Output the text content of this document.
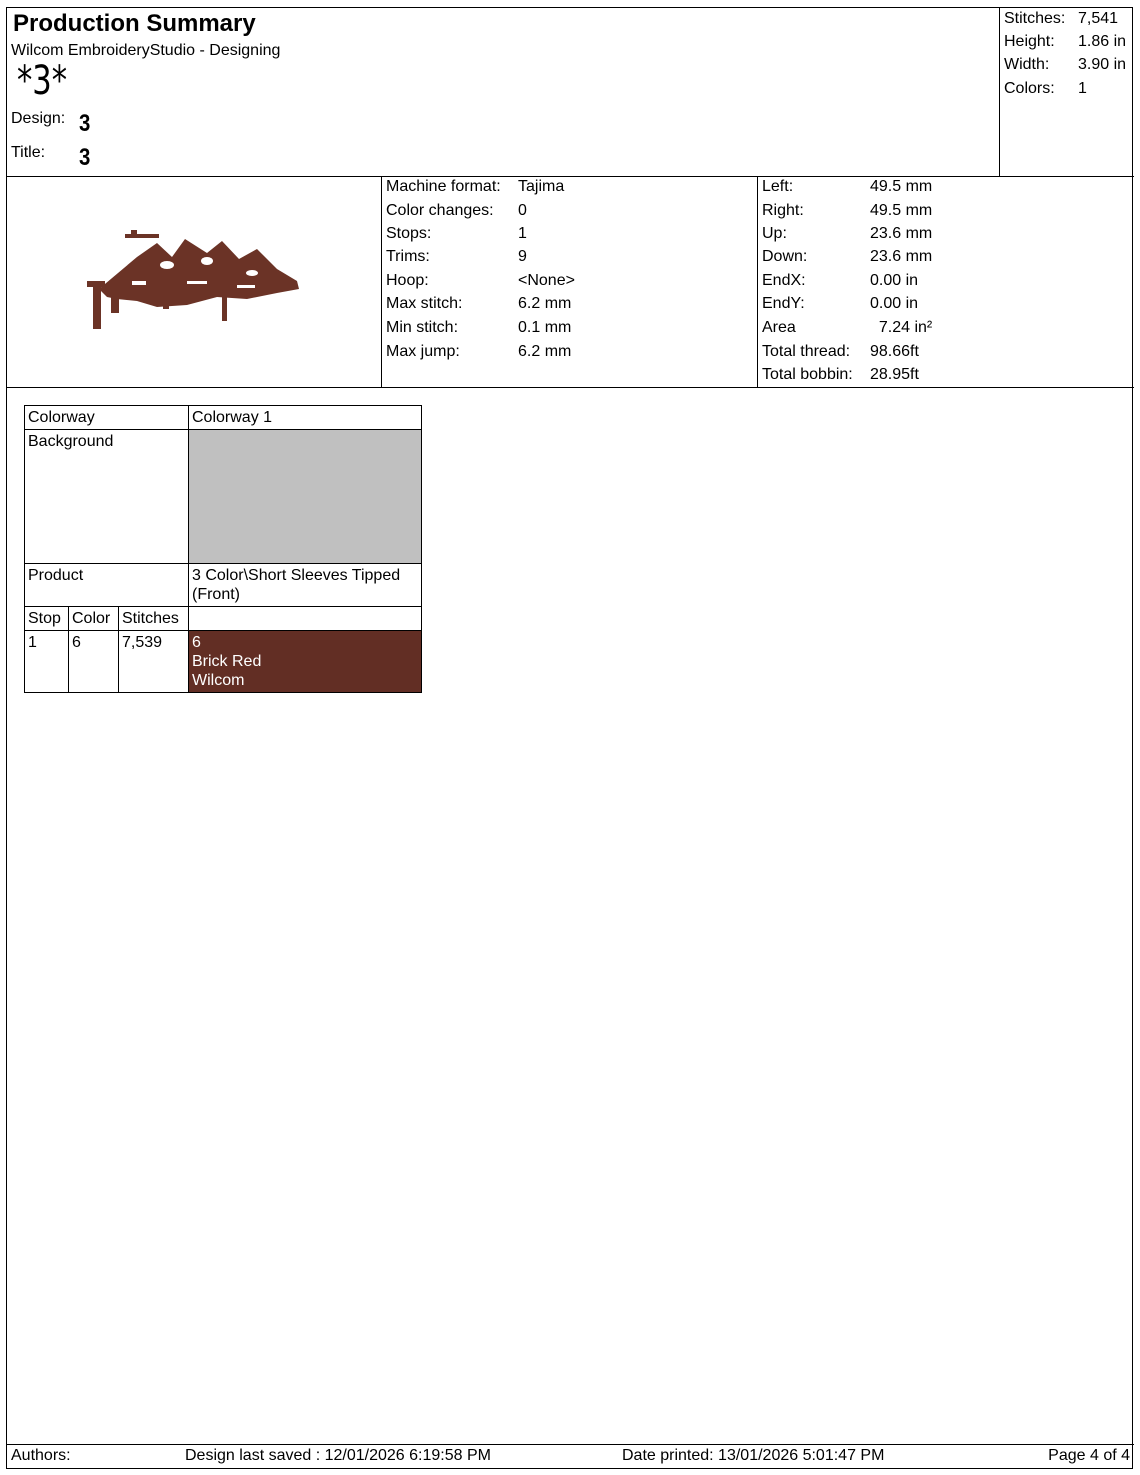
Production Summary
Wilcom EmbroideryStudio - Designing
*3*
Design: 3
Title: 3
Stitches: 7,541
Height: 1.86 in
Width: 3.90 in
Colors: 1
Machine format: Tajima
Color changes: 0
Stops:	1
Trims:	9
Hoop:	<None>
Max stitch:	6.2 mm
Min stitch:	0.1 mm
Max jump:	6.2 mm
Left:	49.5 mm
Right:	49.5 mm
Up:	23.6 mm
Down:	23.6 mm
EndX:	0.00 in
EndY:	0.00 in
Area	7.24 in²
Total thread: 98.66ft
Total bobbin: 28.95ft
Colorway			Colorway 1
Background			
Product			3 Color\Short Sleeves Tipped
(Front)
Stop	Color	Stitches	
1	6	7,539	6
Brick Red
Wilcom
Authors:	Design last saved : 12/01/2026 6:19:58 PM	Date printed: 13/01/2026 5:01:47 PM	Page 4 of 4
